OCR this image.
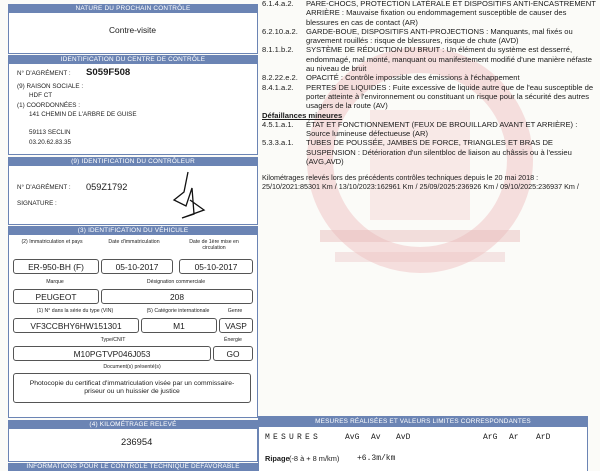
NATURE DU PROCHAIN CONTRÔLE
Contre-visite
IDENTIFICATION DU CENTRE DE CONTRÔLE
N° D'AGRÉMENT : S059F508
(9) RAISON SOCIALE :
HDF CT
(1) COORDONNÉES :
141 CHEMIN DE L'ARBRE DE GUISE
59113 SECLIN
03.20.62.83.35
(9) IDENTIFICATION DU CONTRÔLEUR
N° D'AGRÉMENT : 059Z1792
SIGNATURE :
(3) IDENTIFICATION DU VÉHICULE
(2) Immatriculation et pays	Date d'immatriculation	Date de 1ère mise en circulation
ER-950-BH (F)	05-10-2017	05-10-2017
Marque	Désignation commerciale
PEUGEOT	208
(1) N° dans la série du type (VIN)	(5) Catégorie internationale	Genre
VF3CCBHY6HW151301	M1	VASP
Type/CNIT	Énergie
M10PGTVP046J053	GO
Document(s) présenté(s)
Photocopie du certificat d'immatriculation visée par un commissaire-priseur ou un huissier de justice
(4) KILOMÉTRAGE RELEVÉ
236954
INFORMATIONS POUR LE CONTRÔLE TECHNIQUE DÉFAVORABLE
6.1.4.a.2.	PARE-CHOCS, PROTECTION LATÉRALE ET DISPOSITIFS ANTI-ENCASTREMENT ARRIÈRE : Mauvaise fixation ou endommagement susceptible de causer des blessures en cas de contact (AR)
6.2.10.a.2.	GARDE-BOUE, DISPOSITIFS ANTI-PROJECTIONS : Manquants, mal fixés ou gravement rouillés : risque de blessures, risque de chute (AVD)
8.1.1.b.2.	SYSTÈME DE RÉDUCTION DU BRUIT : Un élément du système est desserré, endommagé, mal monté, manquant ou manifestement modifié d'une manière néfaste au niveau de bruit
8.2.22.e.2.	OPACITÉ : Contrôle impossible des émissions à l'échappement
8.4.1.a.2.	PERTES DE LIQUIDES : Fuite excessive de liquide autre que de l'eau susceptible de porter atteinte à l'environnement ou constituant un risque pour la sécurité des autres usagers de la route (AV)
Défaillances mineures
4.5.1.a.1.	ÉTAT ET FONCTIONNEMENT (FEUX DE BROUILLARD AVANT ET ARRIÈRE) : Source lumineuse défectueuse (AR)
5.3.3.a.1.	TUBES DE POUSSÉE, JAMBES DE FORCE, TRIANGLES ET BRAS DE SUSPENSION : Détérioration d'un silentbloc de liaison au châssis ou à l'essieu (AVG,AVD)
Kilométrages relevés lors des précédents contrôles techniques depuis le 20 mai 2018 : 25/10/2021:85301 Km / 13/10/2023:162961 Km / 25/09/2025:236926 Km / 09/10/2025:236937 Km /
MESURES RÉALISÉES ET VALEURS LIMITES CORRESPONDANTES
MESURES	AvG Av AvD	ArG Ar ArD
Ripage (-8 à + 8 m/km) +6.3m/km
